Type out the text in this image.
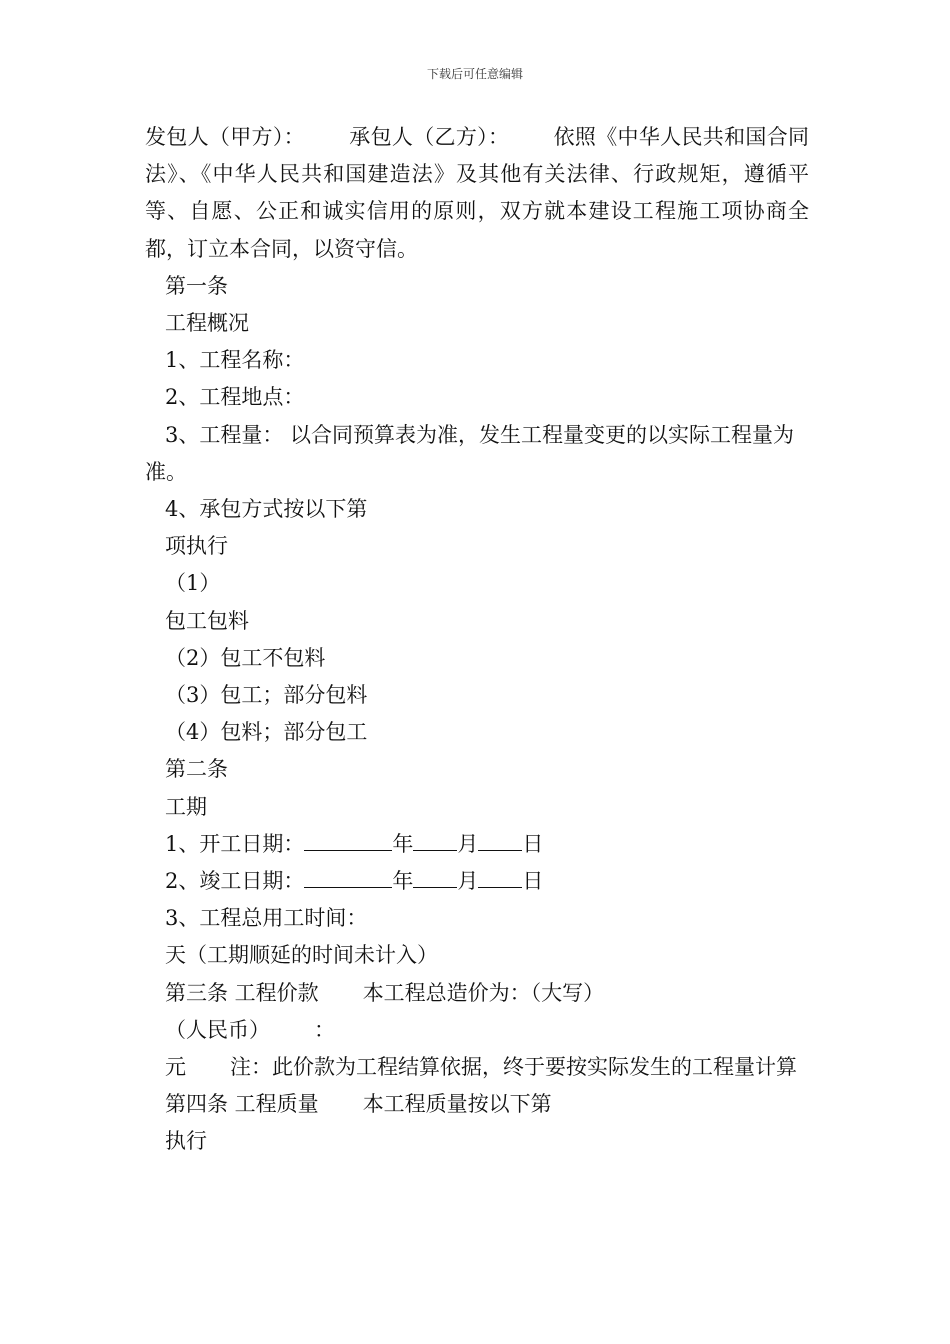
下载后可任意编辑

发包人（甲方）： 承包人（乙方）： 依照《中华人民共和国合同法》、《中华人民共和国建造法》及其他有关法律、行政规矩，遵循平等、自愿、公正和诚实信用的原则，双方就本建设工程施工项协商全都，订立本合同，以资守信。

第一条

工程概况

1、工程名称：

2、工程地点：

3、工程量： 以合同预算表为准，发生工程量变更的以实际工程量为准。

4、承包方式按以下第

项执行

（1）

包工包料

（2）包工不包料

（3）包工；部分包料

（4）包料；部分包工

第二条

工期

1、开工日期：	年 月 日

2、竣工日期：	年 月 日

3、工程总用工时间：

天（工期顺延的时间未计入）

第三条 工程价款 本工程总造价为：（大写）

（人民币） ：

元 注：此价款为工程结算依据，终于要按实际发生的工程量计算

第四条 工程质量 本工程质量按以下第

执行
